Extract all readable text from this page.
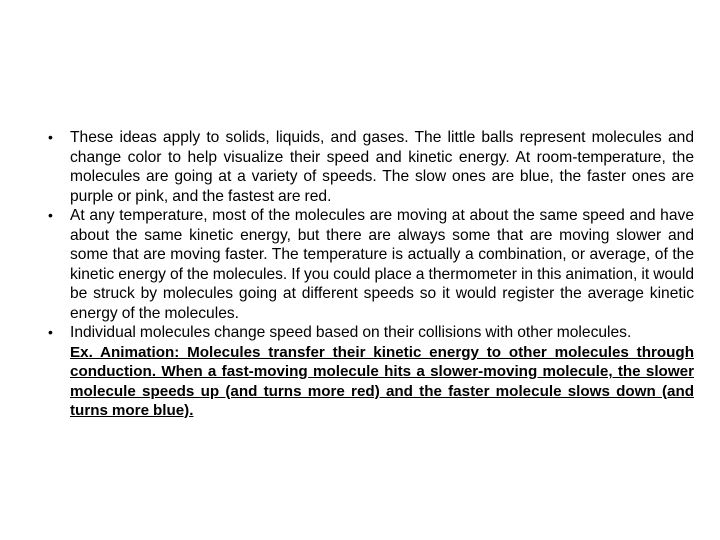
• These ideas apply to solids, liquids, and gases. The little balls represent molecules and change color to help visualize their speed and kinetic energy. At room-temperature, the molecules are going at a variety of speeds. The slow ones are blue, the faster ones are purple or pink, and the fastest are red.
• At any temperature, most of the molecules are moving at about the same speed and have about the same kinetic energy, but there are always some that are moving slower and some that are moving faster. The temperature is actually a combination, or average, of the kinetic energy of the molecules. If you could place a thermometer in this animation, it would be struck by molecules going at different speeds so it would register the average kinetic energy of the molecules.
• Individual molecules change speed based on their collisions with other molecules.
Ex. Animation: Molecules transfer their kinetic energy to other molecules through conduction. When a fast-moving molecule hits a slower-moving molecule, the slower molecule speeds up (and turns more red) and the faster molecule slows down (and turns more blue).
